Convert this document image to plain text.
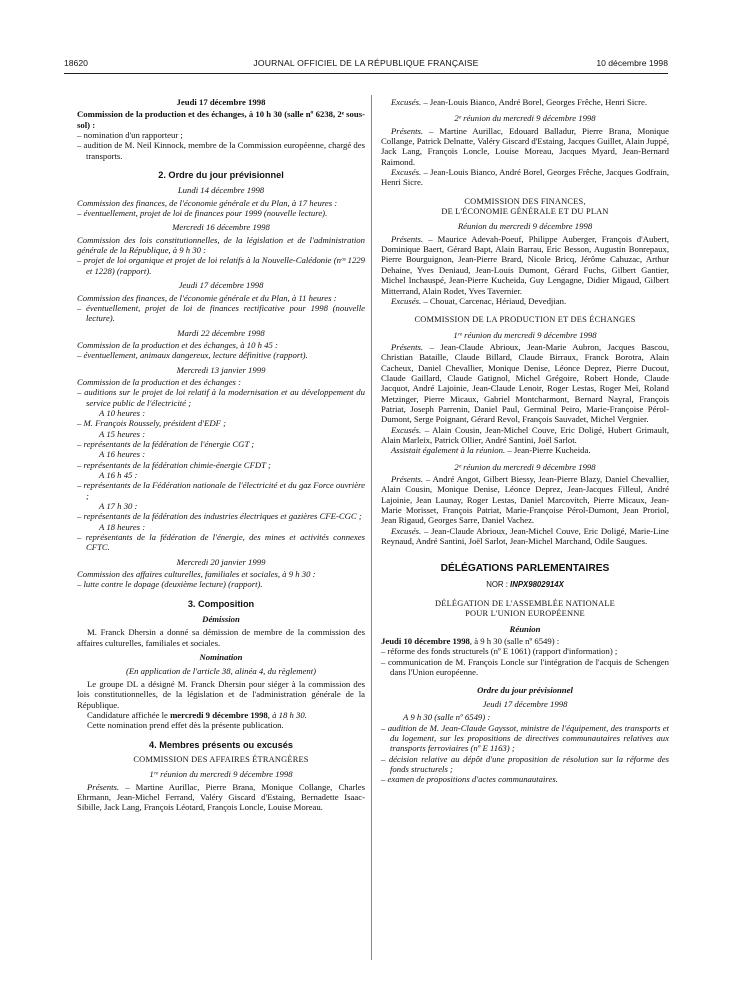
18620	JOURNAL OFFICIEL DE LA RÉPUBLIQUE FRANÇAISE	10 décembre 1998
Jeudi 17 décembre 1998
Commission de la production et des échanges, à 10 h 30 (salle nº 6238, 2ᵉ sous-sol) :
– nomination d'un rapporteur ;
– audition de M. Neil Kinnock, membre de la Commission européenne, chargé des transports.
2. Ordre du jour prévisionnel
Lundi 14 décembre 1998
Commission des finances, de l'économie générale et du Plan, à 17 heures :
– éventuellement, projet de loi de finances pour 1999 (nouvelle lecture).
Mercredi 16 décembre 1998
Commission des lois constitutionnelles, de la législation et de l'administration générale de la République, à 9 h 30 :
– projet de loi organique et projet de loi relatifs à la Nouvelle-Calédonie (nᵒˢ 1229 et 1228) (rapport).
Jeudi 17 décembre 1998
Commission des finances, de l'économie générale et du Plan, à 11 heures :
– éventuellement, projet de loi de finances rectificative pour 1998 (nouvelle lecture).
Mardi 22 décembre 1998
Commission de la production et des échanges, à 10 h 45 :
– éventuellement, animaux dangereux, lecture définitive (rapport).
Mercredi 13 janvier 1999
Commission de la production et des échanges :
– auditions sur le projet de loi relatif à la modernisation et au développement du service public de l'électricité ;
A 10 heures :
– M. François Roussely, président d'EDF ;
A 15 heures :
– représentants de la fédération de l'énergie CGT ;
A 16 heures :
– représentants de la fédération chimie-énergie CFDT ;
A 16 h 45 :
– représentants de la Fédération nationale de l'électricité et du gaz Force ouvrière ;
A 17 h 30 :
– représentants de la fédération des industries électriques et gazières CFE-CGC ;
A 18 heures :
– représentants de la fédération de l'énergie, des mines et activités connexes CFTC.
Mercredi 20 janvier 1999
Commission des affaires culturelles, familiales et sociales, à 9 h 30 :
– lutte contre le dopage (deuxième lecture) (rapport).
3. Composition
Démission
M. Franck Dhersin a donné sa démission de membre de la commission des affaires culturelles, familiales et sociales.
Nomination
(En application de l'article 38, alinéa 4, du règlement)
Le groupe DL a désigné M. Franck Dhersin pour siéger à la commission des lois constitutionnelles, de la législation et de l'administration générale de la République.
Candidature affichée le mercredi 9 décembre 1998, à 18 h 30.
Cette nomination prend effet dès la présente publication.
4. Membres présents ou excusés
COMMISSION DES AFFAIRES ÉTRANGÈRES
1ʳᵉ réunion du mercredi 9 décembre 1998
Présents. – Martine Aurillac, Pierre Brana, Monique Collange, Charles Ehrmann, Jean-Michel Ferrand, Valéry Giscard d'Estaing, Bernadette Isaac-Sibille, Jack Lang, François Léotard, François Loncle, Louise Moreau.
Excusés. – Jean-Louis Bianco, André Borel, Georges Frêche, Henri Sicre.
2ᵉ réunion du mercredi 9 décembre 1998
Présents. – Martine Aurillac, Edouard Balladur, Pierre Brana, Monique Collange, Patrick Delnatte, Valéry Giscard d'Estaing, Jacques Guillet, Alain Juppé, Jack Lang, François Loncle, Louise Moreau, Jacques Myard, Jean-Bernard Raimond.
Excusés. – Jean-Louis Bianco, André Borel, Georges Frêche, Jacques Godfrain, Henri Sicre.
COMMISSION DES FINANCES,
DE L'ÉCONOMIE GÉNÉRALE ET DU PLAN
Réunion du mercredi 9 décembre 1998
Présents. – Maurice Adevah-Poeuf, Philippe Auberger, François d'Aubert, Dominique Baert, Gérard Bapt, Alain Barrau, Eric Besson, Augustin Bonrepaux, Pierre Bourguignon, Jean-Pierre Brard, Nicole Bricq, Jérôme Cahuzac, Arthur Dehaine, Yves Deniaud, Jean-Louis Dumont, Gérard Fuchs, Gilbert Gantier, Michel Inchauspé, Jean-Pierre Kucheida, Guy Lengagne, Didier Migaud, Gilbert Mitterrand, Alain Rodet, Yves Tavernier.
Excusés. – Chouat, Carcenac, Hériaud, Devedjian.
COMMISSION DE LA PRODUCTION ET DES ÉCHANGES
1ʳᵉ réunion du mercredi 9 décembre 1998
Présents. – Jean-Claude Abrioux, Jean-Marie Aubron, Jacques Bascou, Christian Bataille, Claude Billard, Claude Birraux, Franck Borotra, Alain Cacheux, Daniel Chevallier, Monique Denise, Léonce Deprez, Pierre Ducout, Claude Gaillard, Claude Gatignol, Michel Grégoire, Robert Honde, Claude Jacquot, André Lajoinie, Jean-Claude Lenoir, Roger Lestas, Roger Meï, Roland Metzinger, Pierre Micaux, Gabriel Montcharmont, Bernard Nayral, François Patriat, Joseph Parrenin, Daniel Paul, Germinal Peiro, Marie-Françoise Pérol-Dumont, Serge Poignant, Gérard Revol, François Sauvadet, Michel Vergnier.
Excusés. – Alain Cousin, Jean-Michel Couve, Eric Doligé, Hubert Grimault, Alain Marleix, Patrick Ollier, André Santini, Joël Sarlot.
Assistait également à la réunion. – Jean-Pierre Kucheida.
2ᵉ réunion du mercredi 9 décembre 1998
Présents. – André Angot, Gilbert Biessy, Jean-Pierre Blazy, Daniel Chevallier, Alain Cousin, Monique Denise, Léonce Deprez, Jean-Jacques Filleul, André Lajoinie, Jean Launay, Roger Lestas, Daniel Marcovitch, Pierre Micaux, Jean-Marie Morisset, François Patriat, Marie-Françoise Pérol-Dumont, Jean Proriol, Jean Rigaud, Georges Sarre, Daniel Vachez.
Excusés. – Jean-Claude Abrioux, Jean-Michel Couve, Eric Doligé, Marie-Line Reynaud, André Santini, Joël Sarlot, Jean-Michel Marchand, Odile Saugues.
DÉLÉGATIONS PARLEMENTAIRES
NOR : INPX9802914X
DÉLÉGATION DE L'ASSEMBLÉE NATIONALE
POUR L'UNION EUROPÉENNE
Réunion
Jeudi 10 décembre 1998, à 9 h 30 (salle nº 6549) :
– réforme des fonds structurels (nº E 1061) (rapport d'information) ;
– communication de M. François Loncle sur l'intégration de l'acquis de Schengen dans l'Union européenne.
Ordre du jour prévisionnel
Jeudi 17 décembre 1998
A 9 h 30 (salle nº 6549) :
– audition de M. Jean-Claude Gayssot, ministre de l'équipement, des transports et du logement, sur les propositions de directives communautaires relatives aux transports ferroviaires (nº E 1163) ;
– décision relative au dépôt d'une proposition de résolution sur la réforme des fonds structurels ;
– examen de propositions d'actes communautaires.
